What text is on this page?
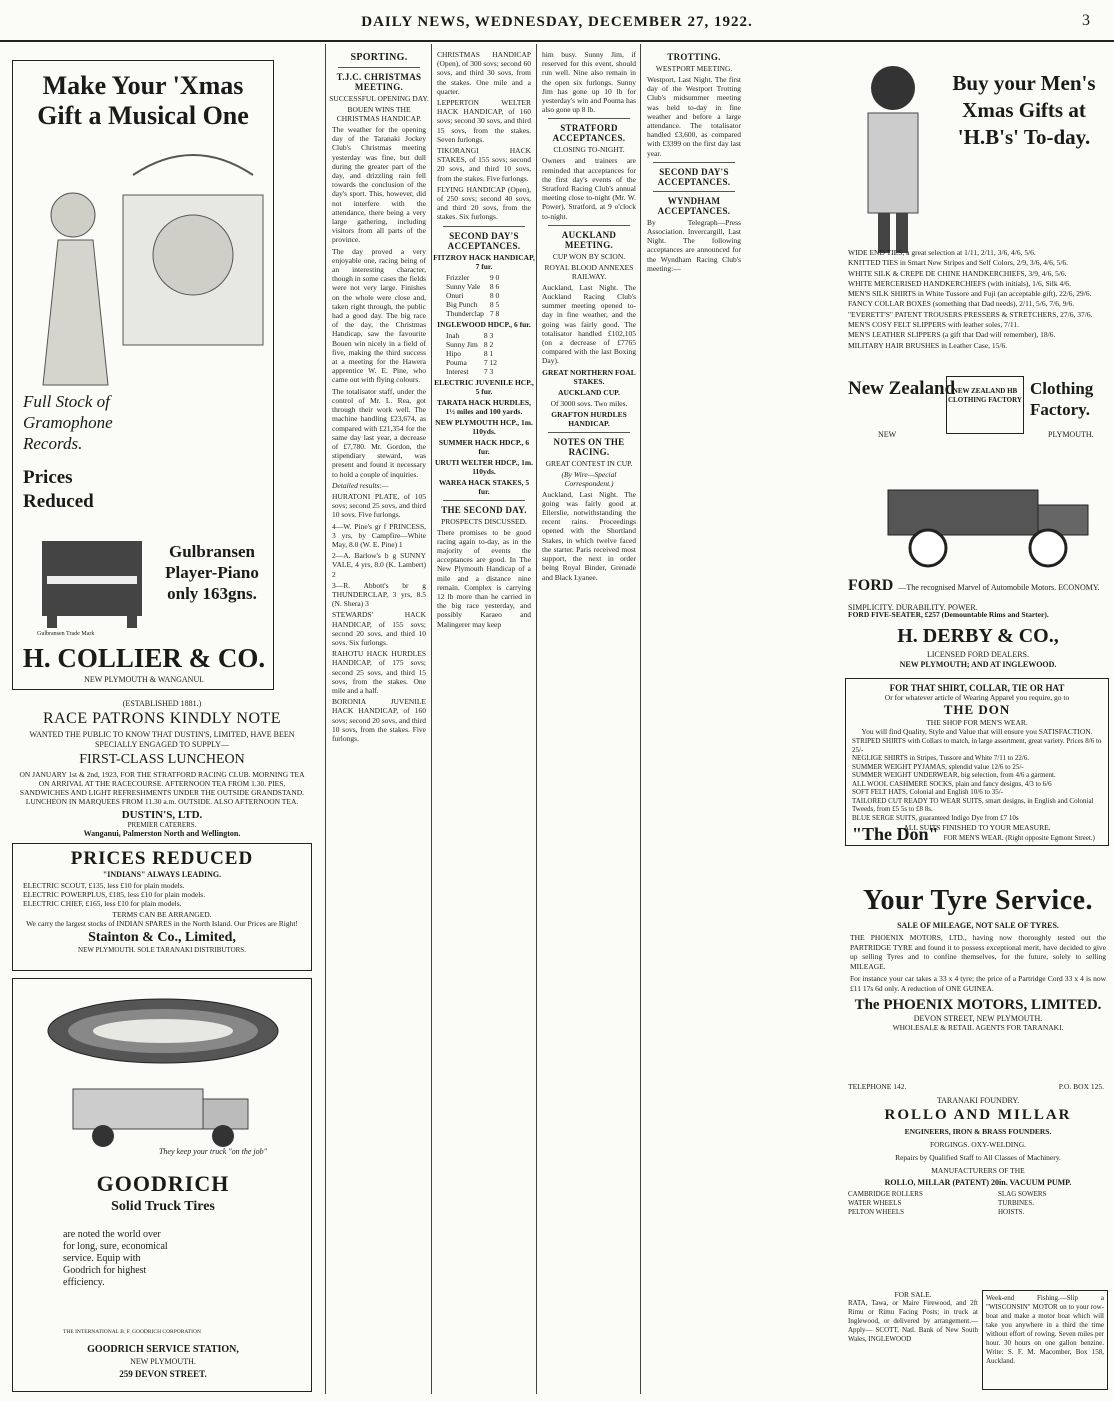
DAILY NEWS, WEDNESDAY, DECEMBER 27, 1922.	3
Make Your 'Xmas Gift a Musical One
Full Stock of Gramophone Records.
Prices Reduced
Gulbransen Player-Piano only 163gns.
Gulbransen Trade Mark
H. COLLIER & CO.
NEW PLYMOUTH & WANGANUI.
(ESTABLISHED 1881.)
RACE PATRONS KINDLY NOTE
WANTED THE PUBLIC TO KNOW THAT DUSTIN'S, LIMITED, HAVE BEEN SPECIALLY ENGAGED TO SUPPLY—
FIRST-CLASS LUNCHEON
ON JANUARY 1st & 2nd, 1923, FOR THE STRATFORD RACING CLUB. MORNING TEA ON ARRIVAL AT THE RACECOURSE. AFTERNOON TEA FROM 1.30. PIES, SANDWICHES AND LIGHT REFRESHMENTS UNDER THE OUTSIDE GRANDSTAND. LUNCHEON IN MARQUEES FROM 11.30 a.m. OUTSIDE. ALSO AFTERNOON TEA.
DUSTIN'S, LTD.
PREMIER CATERERS.
Wanganui, Palmerston North and Wellington.
PRICES REDUCED
"INDIANS" ALWAYS LEADING.
ELECTRIC SCOUT, £135, less £10 for plain models.
ELECTRIC POWERPLUS, £185, less £10 for plain models.
ELECTRIC CHIEF, £165, less £10 for plain models.
TERMS CAN BE ARRANGED.
We carry the largest stocks of INDIAN SPARES in the North Island. Our Prices are Right!
Stainton & Co., Limited,
NEW PLYMOUTH. SOLE TARANAKI DISTRIBUTORS.
They keep your truck "on the job"
GOODRICH
Solid Truck Tires
are noted the world over for long, sure, economical service. Equip with Goodrich for highest efficiency.
THE INTERNATIONAL B. F. GOODRICH CORPORATION
GOODRICH SERVICE STATION,
NEW PLYMOUTH.
259 DEVON STREET.
SPORTING.
T.J.C. CHRISTMAS MEETING.
SUCCESSFUL OPENING DAY.
BOUEN WINS THE CHRISTMAS HANDICAP.
The weather for the opening day of the Taranaki Jockey Club's Christmas meeting yesterday was fine, but dull during the greater part of the day, and drizzling rain fell towards the conclusion of the day's sport. This, however, did not interfere with the attendance, there being a very large gathering, including visitors from all parts of the province.
The day proved a very enjoyable one, racing being of an interesting character, though in some cases the fields were not very large. Finishes on the whole were close and, taken right through, the public had a good day. The big race of the day, the Christmas Handicap, saw the favourite Bouen win nicely in a field of five, making the third success at a meeting for the Hawera apprentice W. E. Pine, who came out with flying colours.
The totalisator staff, under the control of Mr. L. Rea, got through their work well. The machine handling £23,674, as compared with £21,354 for the same day last year, a decrease of £7,780. Mr. Gordon, the stipendiary steward, was present and found it necessary to hold a couple of inquiries.
Detailed results:—
HURATONI PLATE, of 105 sovs; second 25 sovs, and third 10 sovs. Five furlongs.
4—W. Pine's gr f PRINCESS, 3 yrs, by Campfire—White May, 8.0 (W. E. Pine) 1
2—A. Barlow's b g SUNNY VALE, 4 yrs, 8.0 (K. Lambert) 2
3—R. Abbott's br g THUNDERCLAP, 3 yrs, 8.5 (N. Shera) 3
STEWARDS' HACK HANDICAP, of 155 sovs; second 20 sovs, and third 10 sovs. Six furlongs.
RAHOTU HACK HURDLES HANDICAP, of 175 sovs; second 25 sovs, and third 15 sovs, from the stakes. One mile and a half.
BORONIA JUVENILE HACK HANDICAP, of 160 sovs; second 20 sovs, and third 10 sovs, from the stakes. Five furlongs.
CHRISTMAS HANDICAP (Open), of 300 sovs; second 60 sovs, and third 30 sovs, from the stakes. One mile and a quarter.
LEPPERTON WELTER HACK HANDICAP, of 160 sovs; second 30 sovs, and third 15 sovs, from the stakes. Seven furlongs.
TIKORANGI HACK STAKES, of 155 sovs; second 20 sovs, and third 10 sovs, from the stakes. Five furlongs.
FLYING HANDICAP (Open), of 250 sovs; second 40 sovs, and third 20 sovs, from the stakes. Six furlongs.
SECOND DAY'S ACCEPTANCES.
FITZROY HACK HANDICAP, 7 fur.
Frizzler	9 0
Sunny Vale	8 6
Onuri	8 0
Big Punch	8 5
Thunderclap	7 8
INGLEWOOD HDCP., 6 fur.
Inah	8 3
Sunny Jim	8 2
Hipo	8 1
Pouma	7 12
Interest	7 3
ELECTRIC JUVENILE HCP., 5 fur.
TARATA HACK HURDLES, 1½ miles and 100 yards.
NEW PLYMOUTH HCP., 1m. 110yds.
SUMMER HACK HDCP., 6 fur.
URUTI WELTER HDCP., 1m. 110yds.
WAREA HACK STAKES, 5 fur.
THE SECOND DAY.
PROSPECTS DISCUSSED.
There promises to be good racing again to-day, as in the majority of events the acceptances are good. In The New Plymouth Handicap of a mile and a distance nine remain. Complex is carrying 12 lb more than he carried in the big race yesterday, and possibly Karaeo and Malingerer may keep
him busy. Sunny Jim, if reserved for this event, should run well. Nine also remain in the open six furlongs. Sunny Jim has gone up 10 lb for yesterday's win and Pouma has also gone up 8 lb.
STRATFORD ACCEPTANCES.
CLOSING TO-NIGHT.
Owners and trainers are reminded that acceptances for the first day's events of the Stratford Racing Club's annual meeting close to-night (Mr. W. Power), Stratford, at 9 o'clock to-night.
AUCKLAND MEETING.
CUP WON BY SCION.
ROYAL BLOOD ANNEXES RAILWAY.
Auckland, Last Night. The Auckland Racing Club's summer meeting opened to-day in fine weather, and the going was fairly good. The totalisator handled £102,105 (on a decrease of £7765 compared with the last Boxing Day).
GREAT NORTHERN FOAL STAKES.
AUCKLAND CUP.
Of 3000 sovs. Two miles.
GRAFTON HURDLES HANDICAP.
NOTES ON THE RACING.
GREAT CONTEST IN CUP.
(By Wire—Special Correspondent.)
Auckland, Last Night. The going was fairly good at Ellerslie, notwithstanding the recent rains. Proceedings opened with the Shortland Stakes, in which twelve faced the starter. Paris received most support, the next in order being Royal Binder, Grenade and Black Lyanee.
TROTTING.
WESTPORT MEETING.
Westport, Last Night. The first day of the Westport Trotting Club's midsummer meeting was held to-day in fine weather and before a large attendance. The totalisator handled £3,600, as compared with £3399 on the first day last year.
SECOND DAY'S ACCEPTANCES.
WYNDHAM ACCEPTANCES.
By Telegraph—Press Association. Invercargill, Last Night. The following acceptances are announced for the Wyndham Racing Club's meeting:—
Buy your Men's Xmas Gifts at 'H.B's' To-day.
WIDE END TIES, a great selection at 1/11, 2/11, 3/6, 4/6, 5/6.
KNITTED TIES in Smart New Stripes and Self Colors, 2/9, 3/6, 4/6, 5/6.
WHITE SILK & CREPE DE CHINE HANDKERCHIEFS, 3/9, 4/6, 5/6.
WHITE MERCERISED HANDKERCHIEFS (with initials), 1/6, Silk 4/6.
MEN'S SILK SHIRTS in White Tussore and Fuji (an acceptable gift), 22/6, 29/6.
FANCY COLLAR BOXES (something that Dad needs), 2/11, 5/6, 7/6, 9/6.
"EVERETT'S" PATENT TROUSERS PRESSERS & STRETCHERS, 27/6, 37/6.
MEN'S COSY FELT SLIPPERS with leather soles, 7/11.
MEN'S LEATHER SLIPPERS (a gift that Dad will remember), 18/6.
MILITARY HAIR BRUSHES in Leather Case, 15/6.
New Zealand
NEW ZEALAND HB CLOTHING FACTORY
Clothing Factory.
NEW	PLYMOUTH.
FORD —The recognised Marvel of Automobile Motors. ECONOMY. SIMPLICITY. DURABILITY. POWER.
FORD FIVE-SEATER, £257 (Demountable Rims and Starter).
H. DERBY & CO.,
LICENSED FORD DEALERS.
NEW PLYMOUTH; AND AT INGLEWOOD.
FOR THAT SHIRT, COLLAR, TIE OR HAT
Or for whatever article of Wearing Apparel you require, go to
THE DON
THE SHOP FOR MEN'S WEAR.
You will find Quality, Style and Value that will ensure you SATISFACTION.
STRIPED SHIRTS with Collars to match, in large assortment, great variety. Prices 8/6 to 25/-
NEGLIGE SHIRTS in Stripes, Tussore and White 7/11 to 22/6.
SUMMER WEIGHT PYJAMAS, splendid value 12/6 to 25/-
SUMMER WEIGHT UNDERWEAR, big selection, from 4/6 a garment.
ALL WOOL CASHMERE SOCKS, plain and fancy designs, 4/3 to 6/6
SOFT FELT HATS, Colonial and English 10/6 to 35/-
TAILORED CUT READY TO WEAR SUITS, smart designs, in English and Colonial Tweeds, from £5 5s to £8 8s.
BLUE SERGE SUITS, guaranteed Indigo Dye from £7 10s
ALL SUITS FINISHED TO YOUR MEASURE.
"The Don" FOR MEN'S WEAR. (Right opposite Egmont Street.)
Your Tyre Service.
SALE OF MILEAGE, NOT SALE OF TYRES.
THE PHOENIX MOTORS, LTD., having now thoroughly tested out the PARTRIDGE TYRE and found it to possess exceptional merit, have decided to give up selling Tyres and to confine themselves, for the future, solely to selling MILEAGE.
For instance your car takes a 33 x 4 tyre; the price of a Partridge Cord 33 x 4 is now £11 17s 6d only. A reduction of ONE GUINEA.
The PHOENIX MOTORS, LIMITED.
DEVON STREET, NEW PLYMOUTH.
WHOLESALE & RETAIL AGENTS FOR TARANAKI.
TELEPHONE 142.	P.O. BOX 125.
TARANAKI FOUNDRY.
ROLLO AND MILLAR
ENGINEERS, IRON & BRASS FOUNDERS.
FORGINGS. OXY-WELDING.
Repairs by Qualified Staff to All Classes of Machinery.
MANUFACTURERS OF THE
ROLLO, MILLAR (PATENT) 20in. VACUUM PUMP.
CAMBRIDGE ROLLERS
WATER WHEELS
PELTON WHEELS
SLAG SOWERS
TURBINES.
HOISTS.
FOR SALE.
RATA, Tawa, or Maire Firewood, and 2ft Rimu or Rimu Facing Posts; in truck at Inglewood, or delivered by arrangement.—Apply— SCOTT, Natl. Bank of New South Wales, INGLEWOOD
Week-end Fishing.—Slip a "WISCONSIN" MOTOR on to your row-boat and make a motor boat which will take you anywhere in a third the time without effort of rowing. Seven miles per hour. 30 hours on one gallon benzine. Write: S. F. M. Macomber, Box 158, Auckland.
